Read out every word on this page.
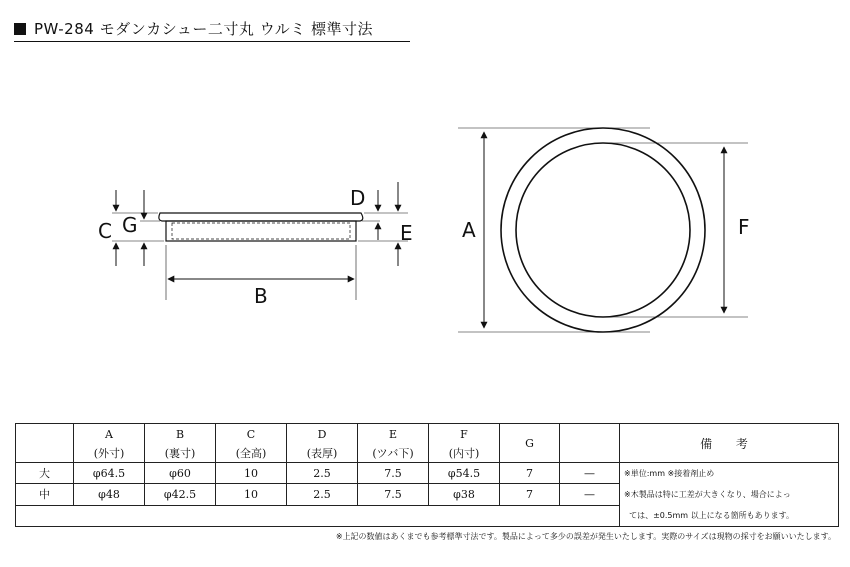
PW-284 モダンカシュー二寸丸 ウルミ 標準寸法
C G
D
E
B
A	F
	A	B	C	D	E	F	G		備 考
	(外寸)	(裏寸)	(全高)	(表厚)	(ツバ下)	(内寸)			
大	φ64.5	φ60	10	2.5	7.5	φ54.5	7	—	※単位:mm ※接着剤止め
※木製品は特に工差が大きくなり、場合によっ
ては、±0.5mm 以上になる箇所もあります。

中	φ48	φ42.5	10	2.5	7.5	φ38	7	—	

※上記の数値はあくまでも参考標準寸法です。製品によって多少の誤差が発生いたします。実際のサイズは現物の採寸をお願いいたします。
